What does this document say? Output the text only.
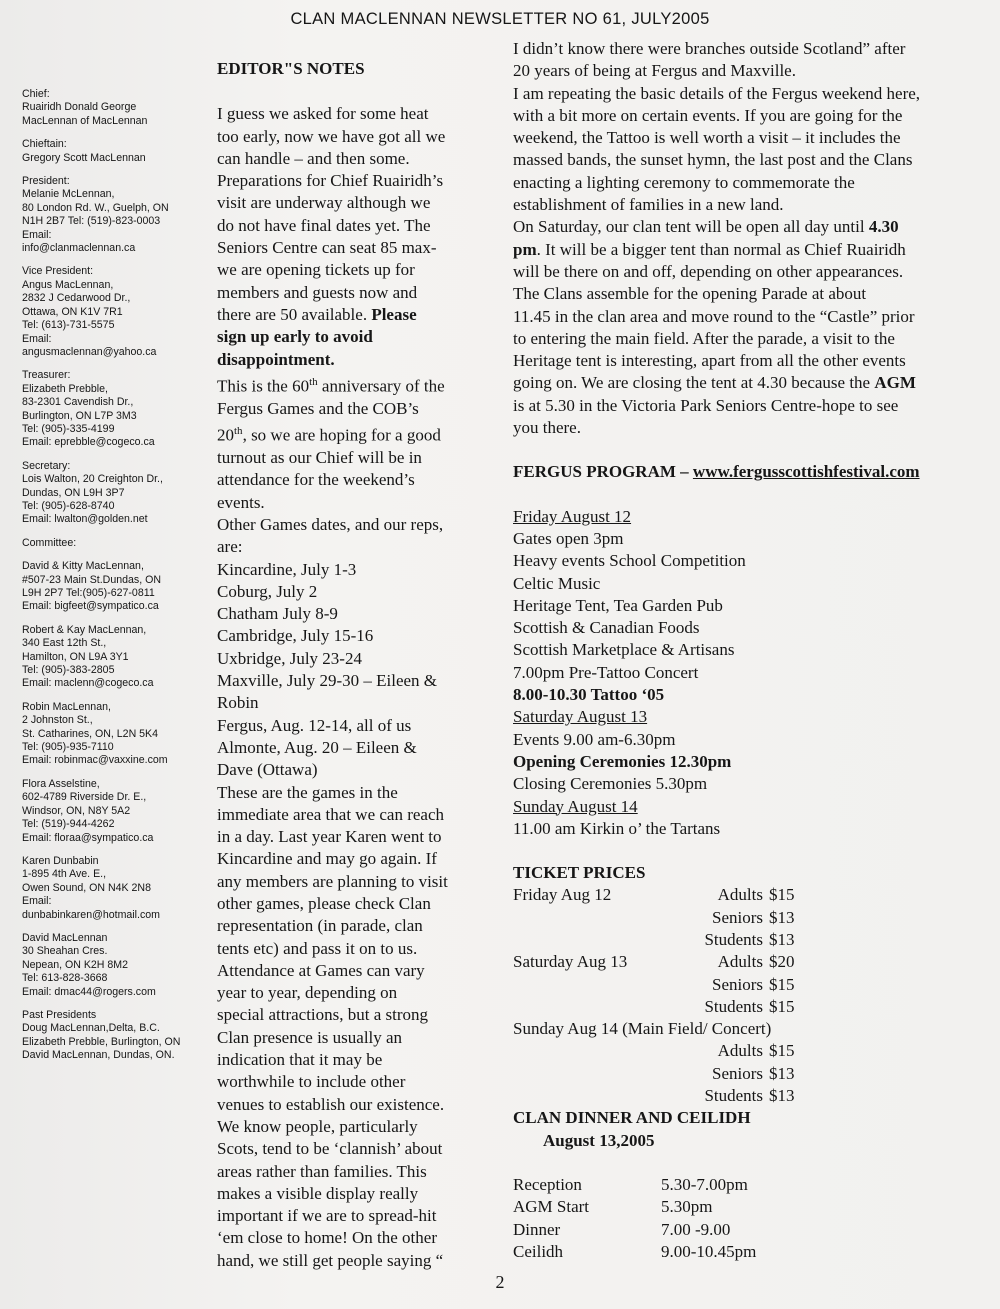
CLAN MACLENNAN NEWSLETTER NO 61, JULY2005
Chief:
Ruairidh Donald George
MacLennan of MacLennan
Chieftain:
Gregory Scott MacLennan
President:
Melanie McLennan,
80 London Rd. W., Guelph, ON
N1H 2B7 Tel: (519)-823-0003
Email:
info@clanmaclennan.ca
Vice President:
Angus MacLennan,
2832 J Cedarwood Dr.,
Ottawa, ON K1V 7R1
Tel: (613)-731-5575
Email:
angusmaclennan@yahoo.ca
Treasurer:
Elizabeth Prebble,
83-2301 Cavendish Dr.,
Burlington, ON L7P 3M3
Tel: (905)-335-4199
Email: eprebble@cogeco.ca
Secretary:
Lois Walton, 20 Creighton Dr.,
Dundas, ON L9H 3P7
Tel: (905)-628-8740
Email: lwalton@golden.net
Committee:
David & Kitty MacLennan,
#507-23 Main St.Dundas, ON
L9H 2P7 Tel:(905)-627-0811
Email: bigfeet@sympatico.ca
Robert & Kay MacLennan,
340 East 12th St.,
Hamilton, ON L9A 3Y1
Tel: (905)-383-2805
Email: maclenn@cogeco.ca
Robin MacLennan,
2 Johnston St.,
St. Catharines, ON, L2N 5K4
Tel: (905)-935-7110
Email: robinmac@vaxxine.com
Flora Asselstine,
602-4789 Riverside Dr. E.,
Windsor, ON, N8Y 5A2
Tel: (519)-944-4262
Email: floraa@sympatico.ca
Karen Dunbabin
1-895 4th Ave. E.,
Owen Sound, ON N4K 2N8
Email:
dunbabinkaren@hotmail.com
David MacLennan
30 Sheahan Cres.
Nepean, ON K2H 8M2
Tel: 613-828-3668
Email: dmac44@rogers.com
Past Presidents
Doug MacLennan,Delta, B.C.
Elizabeth Prebble, Burlington, ON
David MacLennan, Dundas, ON.
EDITOR"S NOTES
I guess we asked for some heat
too early, now we have got all we
can handle – and then some.
Preparations for Chief Ruairidh’s
visit are underway although we
do not have final dates yet. The
Seniors Centre can seat 85 max-
we are opening tickets up for
members and guests now and
there are 50 available. Please
sign up early to avoid
disappointment.
This is the 60th anniversary of the
Fergus Games and the COB’s
20th, so we are hoping for a good
turnout as our Chief will be in
attendance for the weekend’s
events.
Other Games dates, and our reps,
are:
Kincardine, July 1-3
Coburg, July 2
Chatham July 8-9
Cambridge, July 15-16
Uxbridge, July 23-24
Maxville, July 29-30 – Eileen &
Robin
Fergus, Aug. 12-14, all of us
Almonte, Aug. 20 – Eileen &
Dave (Ottawa)
These are the games in the
immediate area that we can reach
in a day. Last year Karen went to
Kincardine and may go again. If
any members are planning to visit
other games, please check Clan
representation (in parade, clan
tents etc) and pass it on to us.
Attendance at Games can vary
year to year, depending on
special attractions, but a strong
Clan presence is usually an
indication that it may be
worthwhile to include other
venues to establish our existence.
We know people, particularly
Scots, tend to be ‘clannish’ about
areas rather than families. This
makes a visible display really
important if we are to spread-hit
‘em close to home! On the other
hand, we still get people saying “
I didn’t know there were branches outside Scotland” after
20 years of being at Fergus and Maxville.
I am repeating the basic details of the Fergus weekend here,
with a bit more on certain events. If you are going for the
weekend, the Tattoo is well worth a visit – it includes the
massed bands, the sunset hymn, the last post and the Clans
enacting a lighting ceremony to commemorate the
establishment of families in a new land.
On Saturday, our clan tent will be open all day until 4.30
pm. It will be a bigger tent than normal as Chief Ruairidh
will be there on and off, depending on other appearances.
The Clans assemble for the opening Parade at about
11.45 in the clan area and move round to the “Castle” prior
to entering the main field. After the parade, a visit to the
Heritage tent is interesting, apart from all the other events
going on. We are closing the tent at 4.30 because the AGM
is at 5.30 in the Victoria Park Seniors Centre-hope to see
you there.
FERGUS PROGRAM – www.fergusscottishfestival.com
Friday August 12
Gates open 3pm
Heavy events School Competition
Celtic Music
Heritage Tent, Tea Garden Pub
Scottish & Canadian Foods
Scottish Marketplace & Artisans
7.00pm Pre-Tattoo Concert
8.00-10.30 Tattoo ‘05
Saturday August 13
Events 9.00 am-6.30pm
Opening Ceremonies 12.30pm
Closing Ceremonies 5.30pm
Sunday August 14
11.00 am Kirkin o’ the Tartans
TICKET PRICES
Friday Aug 12	Adults $15
Seniors $13
Students $13
Saturday Aug 13	Adults $20
Seniors $15
Students $15
Sunday Aug 14 (Main Field/ Concert)
Adults $15
Seniors $13
Students $13
CLAN DINNER AND CEILIDH
August 13,2005
Reception	5.30-7.00pm
AGM Start	5.30pm
Dinner	7.00 -9.00
Ceilidh	9.00-10.45pm
2
